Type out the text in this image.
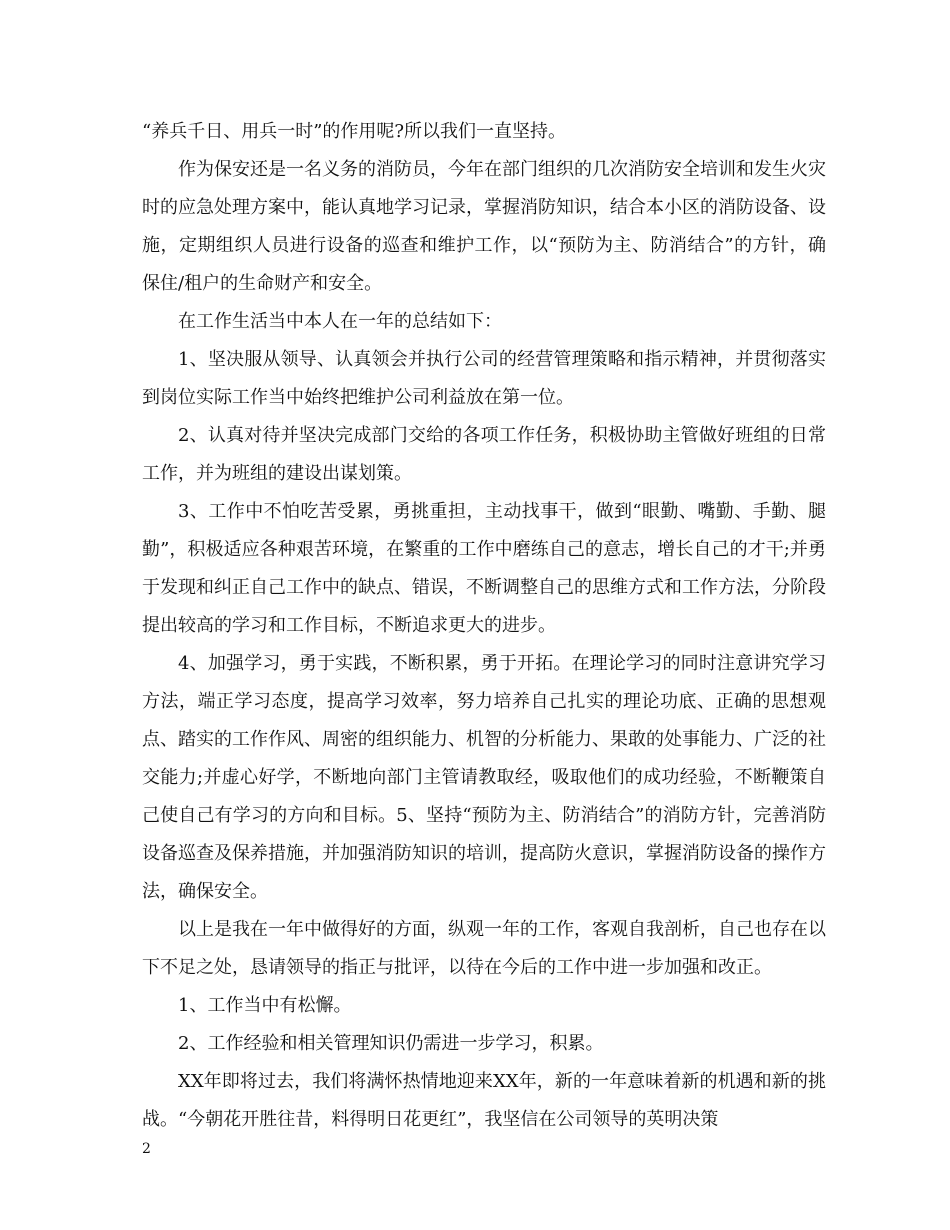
“养兵千日、用兵一时”的作用呢?所以我们一直坚持。

作为保安还是一名义务的消防员，今年在部门组织的几次消防安全培训和发生火灾时的应急处理方案中，能认真地学习记录，掌握消防知识，结合本小区的消防设备、设施，定期组织人员进行设备的巡查和维护工作，以“预防为主、防消结合”的方针，确保住/租户的生命财产和安全。

在工作生活当中本人在一年的总结如下：

1、坚决服从领导、认真领会并执行公司的经营管理策略和指示精神，并贯彻落实到岗位实际工作当中始终把维护公司利益放在第一位。

2、认真对待并坚决完成部门交给的各项工作任务，积极协助主管做好班组的日常工作，并为班组的建设出谋划策。

3、工作中不怕吃苦受累，勇挑重担，主动找事干，做到“眼勤、嘴勤、手勤、腿勤”，积极适应各种艰苦环境，在繁重的工作中磨练自己的意志，增长自己的才干;并勇于发现和纠正自己工作中的缺点、错误，不断调整自己的思维方式和工作方法，分阶段提出较高的学习和工作目标，不断追求更大的进步。

4、加强学习，勇于实践，不断积累，勇于开拓。在理论学习的同时注意讲究学习方法，端正学习态度，提高学习效率，努力培养自己扎实的理论功底、正确的思想观点、踏实的工作作风、周密的组织能力、机智的分析能力、果敢的处事能力、广泛的社交能力;并虚心好学，不断地向部门主管请教取经，吸取他们的成功经验，不断鞭策自己使自己有学习的方向和目标。5、坚持“预防为主、防消结合”的消防方针，完善消防设备巡查及保养措施，并加强消防知识的培训，提高防火意识，掌握消防设备的操作方法，确保安全。

以上是我在一年中做得好的方面，纵观一年的工作，客观自我剖析，自己也存在以下不足之处，恳请领导的指正与批评，以待在今后的工作中进一步加强和改正。

1、工作当中有松懈。

2、工作经验和相关管理知识仍需进一步学习，积累。

XX年即将过去，我们将满怀热情地迎来XX年，新的一年意味着新的机遇和新的挑战。“今朝花开胜往昔，料得明日花更红”，我坚信在公司领导的英明决策

2
